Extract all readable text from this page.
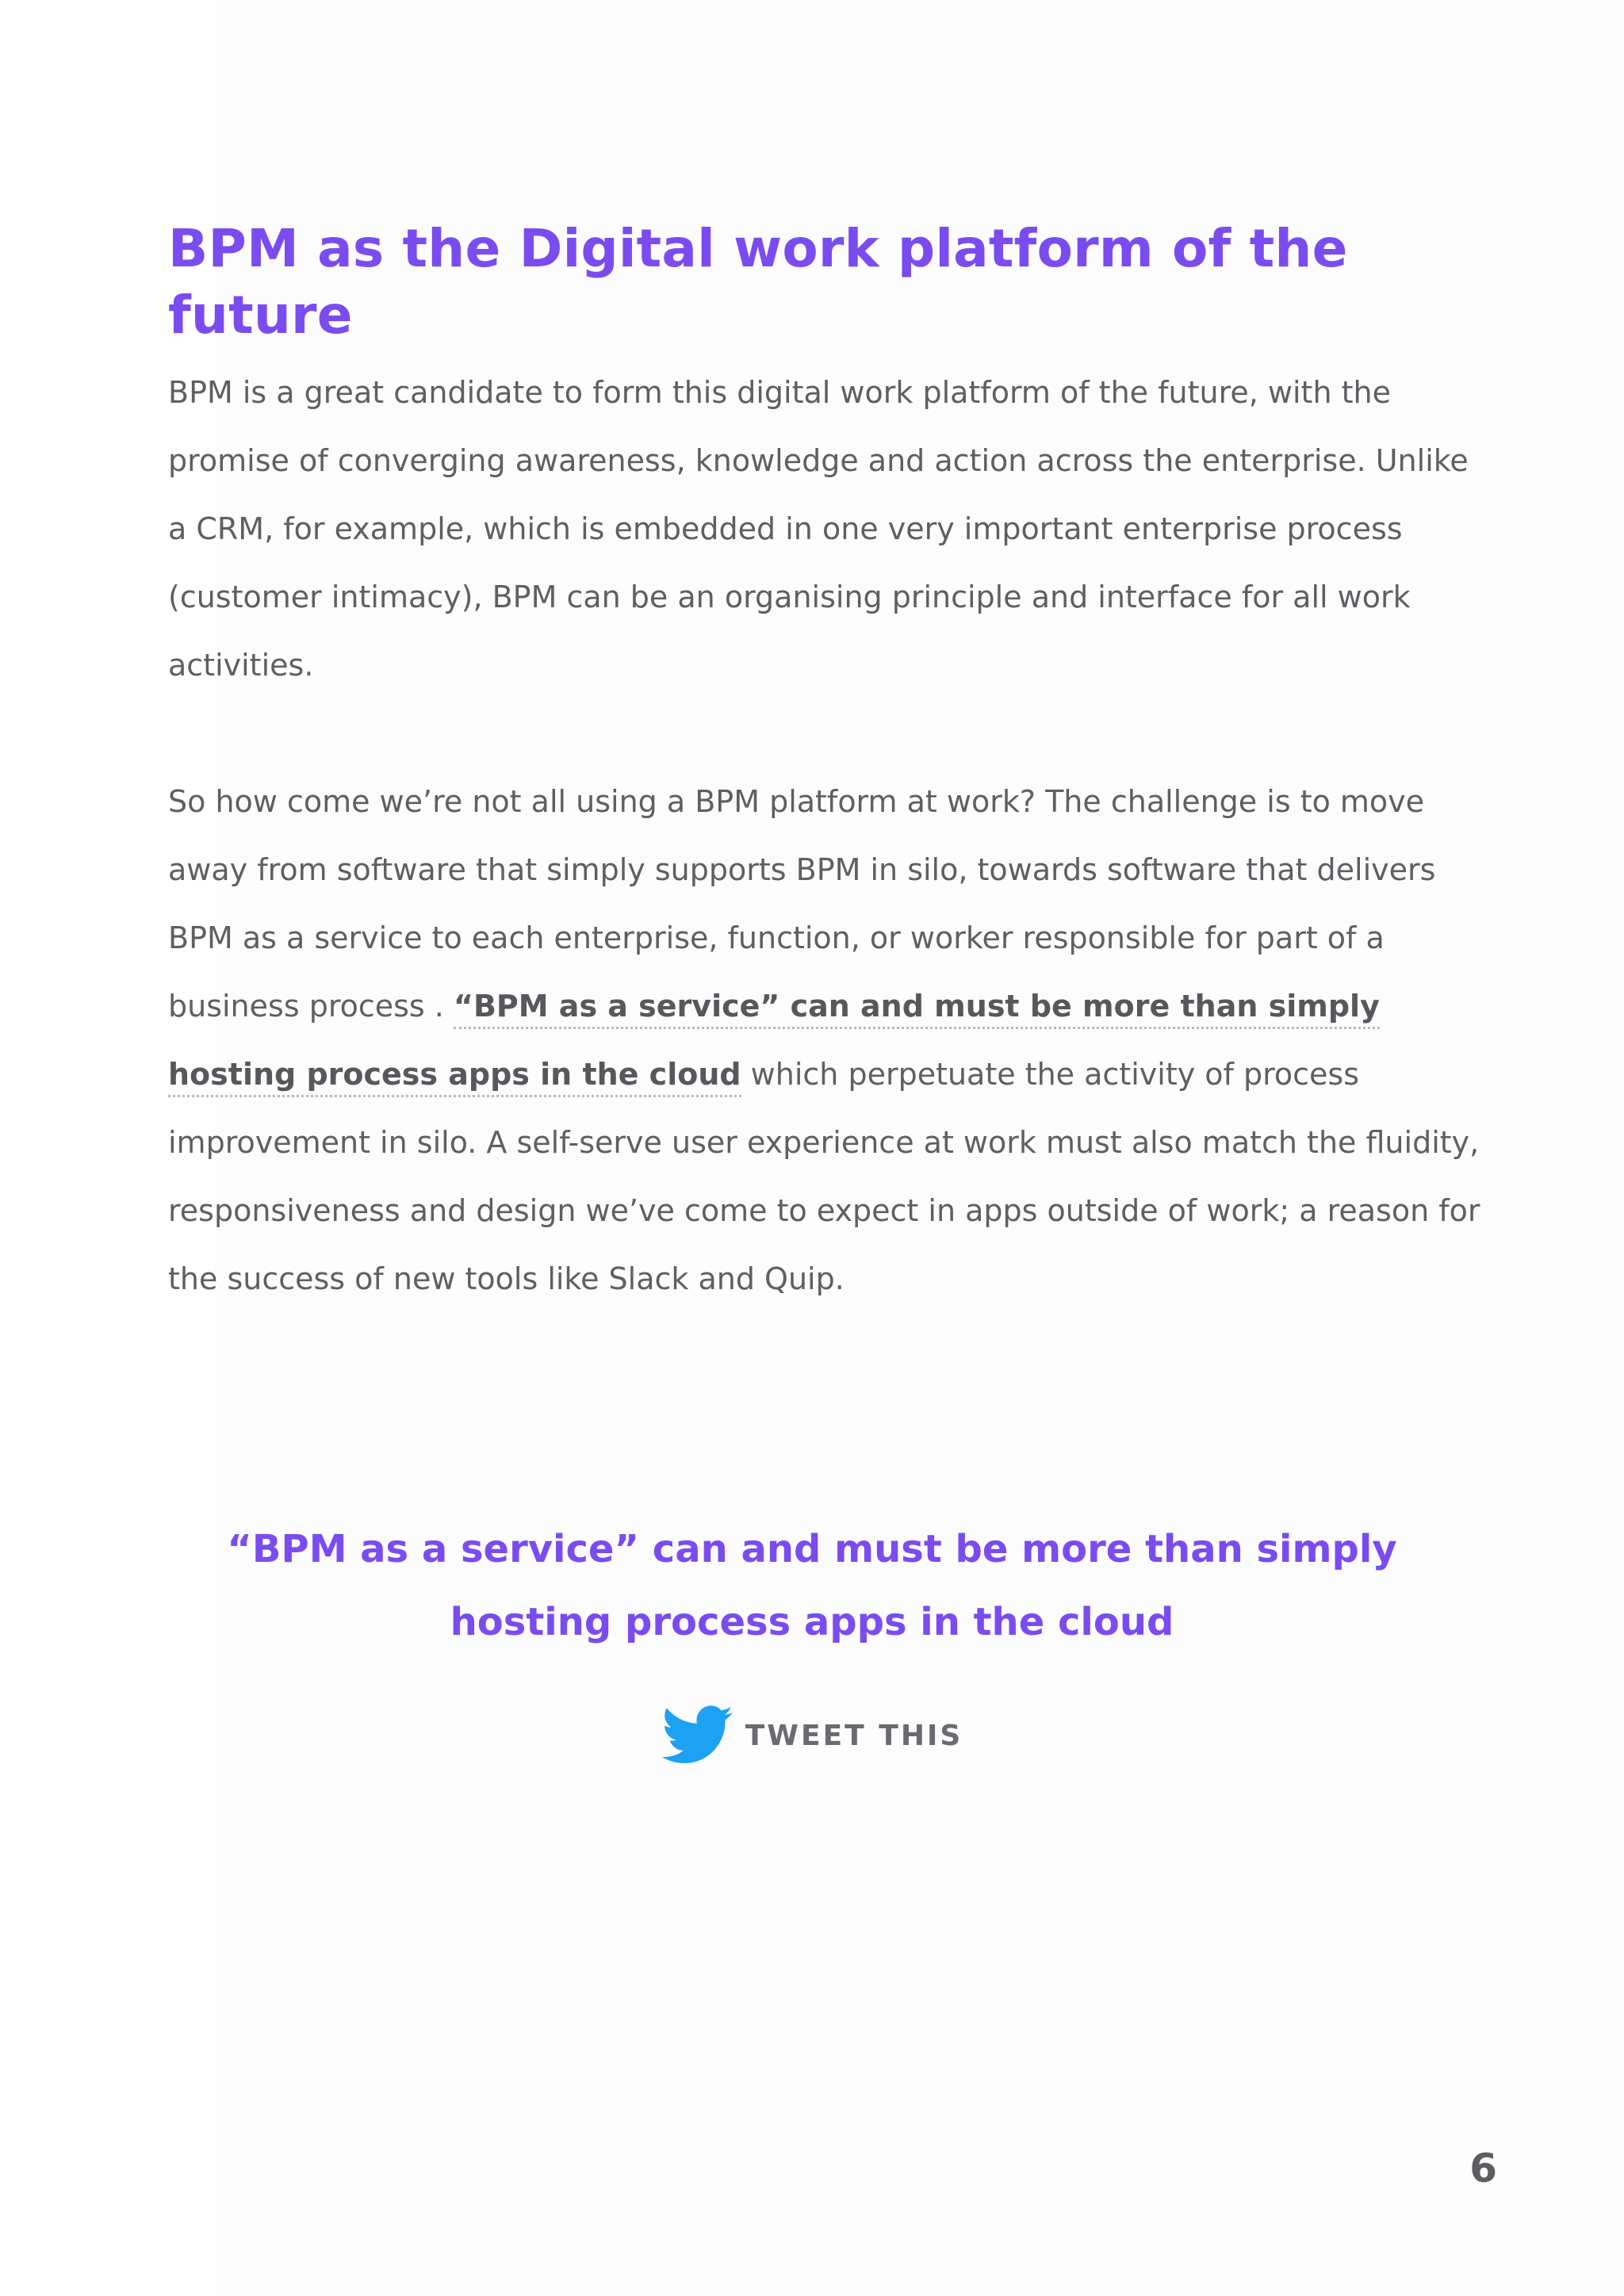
BPM as the Digital work platform of the future

BPM is a great candidate to form this digital work platform of the future, with the promise of converging awareness, knowledge and action across the enterprise. Unlike a CRM, for example, which is embedded in one very important enterprise process (customer intimacy), BPM can be an organising principle and interface for all work activities.

So how come we’re not all using a BPM platform at work? The challenge is to move away from software that simply supports BPM in silo, towards software that delivers BPM as a service to each enterprise, function, or worker responsible for part of a business process . “BPM as a service” can and must be more than simply hosting process apps in the cloud which perpetuate the activity of process improvement in silo. A self-serve user experience at work must also match the fluidity, responsiveness and design we’ve come to expect in apps outside of work; a reason for the success of new tools like Slack and Quip.

“BPM as a service” can and must be more than simply hosting process apps in the cloud

TWEET THIS
6
